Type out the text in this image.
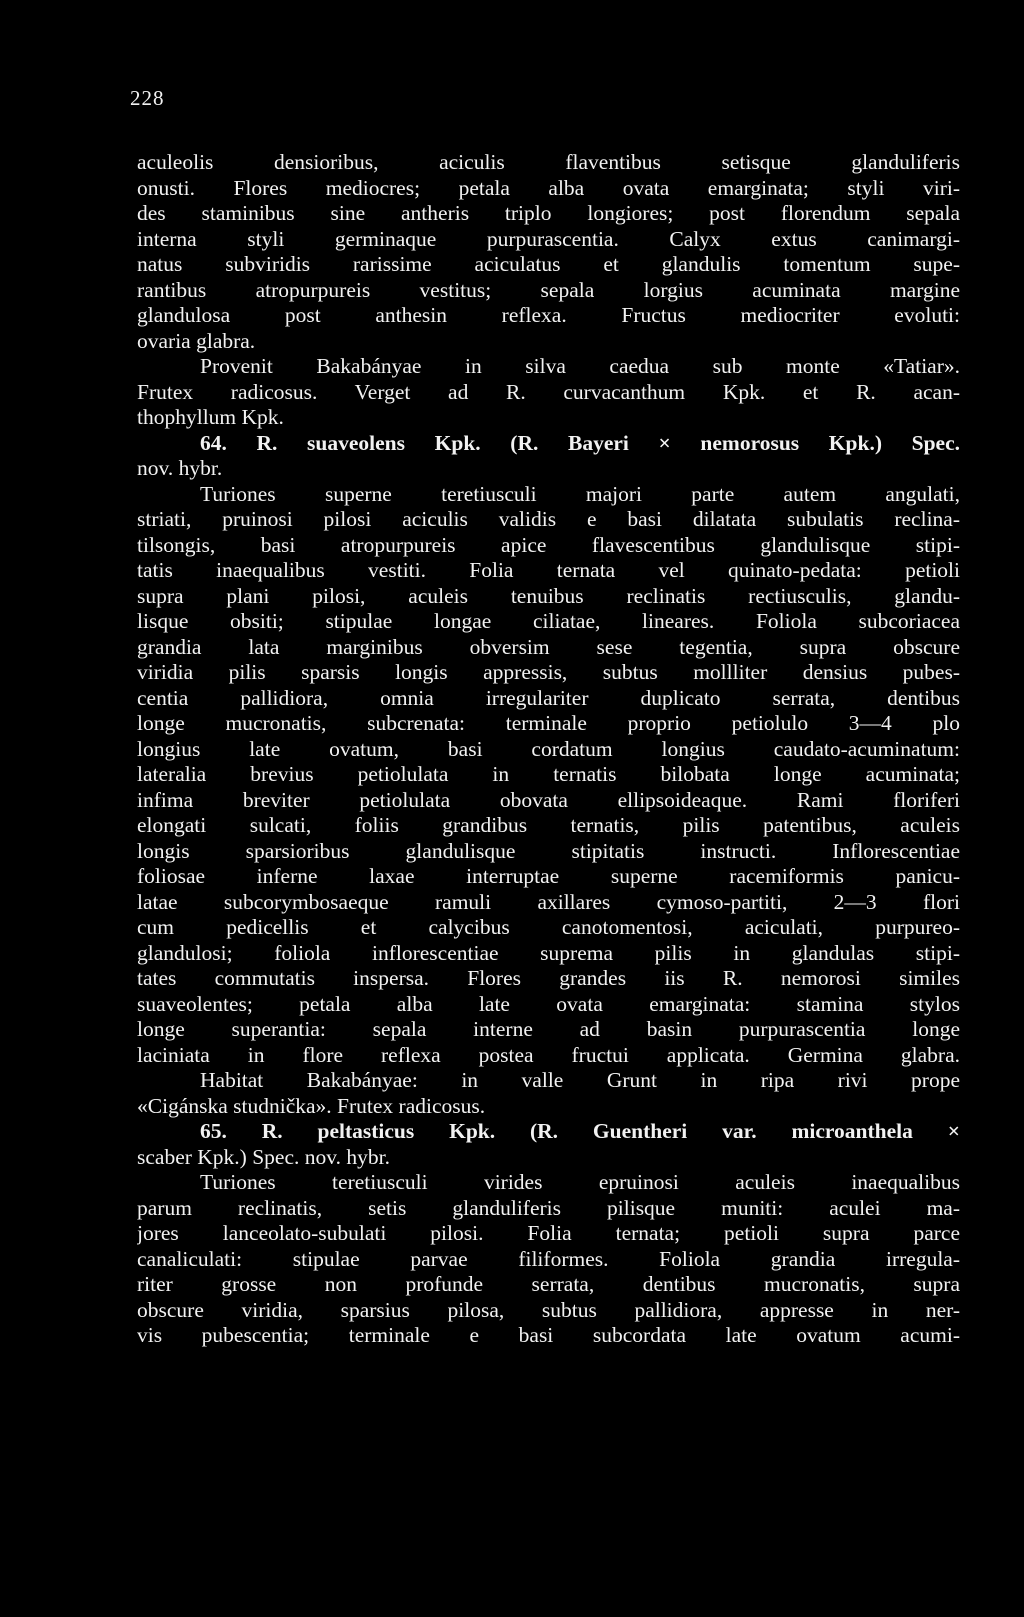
228
aculeolis densioribus, aciculis flaventibus setisque glanduliferis
onusti. Flores mediocres; petala alba ovata emarginata; styli viri-
des staminibus sine antheris triplo longiores; post florendum sepala
interna styli germinaque purpurascentia. Calyx extus canimargi-
natus subviridis rarissime aciculatus et glandulis tomentum supe-
rantibus atropurpureis vestitus; sepala lorgius acuminata margine
glandulosa post anthesin reflexa. Fructus mediocriter evoluti:
ovaria glabra.
Provenit Bakabányae in silva caedua sub monte «Tatiar».
Frutex radicosus. Verget ad R. curvacanthum Kpk. et R. acan-
thophyllum Kpk.
64. R. suaveolens Kpk. (R. Bayeri × nemorosus Kpk.) Spec.
nov. hybr.
Turiones superne teretiusculi majori parte autem angulati,
striati, pruinosi pilosi aciculis validis e basi dilatata subulatis reclina-
tilsongis, basi atropurpureis apice flavescentibus glandulisque stipi-
tatis inaequalibus vestiti. Folia ternata vel quinato-pedata: petioli
supra plani pilosi, aculeis tenuibus reclinatis rectiusculis, glandu-
lisque obsiti; stipulae longae ciliatae, lineares. Foliola subcoriacea
grandia lata marginibus obversim sese tegentia, supra obscure
viridia pilis sparsis longis appressis, subtus mollliter densius pubes-
centia pallidiora, omnia irregulariter duplicato serrata, dentibus
longe mucronatis, subcrenata: terminale proprio petiolulo 3—4 plo
longius late ovatum, basi cordatum longius caudato-acuminatum:
lateralia brevius petiolulata in ternatis bilobata longe acuminata;
infima breviter petiolulata obovata ellipsoideaque. Rami floriferi
elongati sulcati, foliis grandibus ternatis, pilis patentibus, aculeis
longis sparsioribus glandulisque stipitatis instructi. Inflorescentiae
foliosae inferne laxae interruptae superne racemiformis panicu-
latae subcorymbosaeque ramuli axillares cymoso-partiti, 2—3 flori
cum pedicellis et calycibus canotomentosi, aciculati, purpureo-
glandulosi; foliola inflorescentiae suprema pilis in glandulas stipi-
tates commutatis inspersa. Flores grandes iis R. nemorosi similes
suaveolentes; petala alba late ovata emarginata: stamina stylos
longe superantia: sepala interne ad basin purpurascentia longe
laciniata in flore reflexa postea fructui applicata. Germina glabra.
Habitat Bakabányae: in valle Grunt in ripa rivi prope
«Cigánska studnička». Frutex radicosus.
65. R. peltasticus Kpk. (R. Guentheri var. microanthela ×
scaber Kpk.) Spec. nov. hybr.
Turiones teretiusculi virides epruinosi aculeis inaequalibus
parum reclinatis, setis glanduliferis pilisque muniti: aculei ma-
jores lanceolato-subulati pilosi. Folia ternata; petioli supra parce
canaliculati: stipulae parvae filiformes. Foliola grandia irregula-
riter grosse non profunde serrata, dentibus mucronatis, supra
obscure viridia, sparsius pilosa, subtus pallidiora, appresse in ner-
vis pubescentia; terminale e basi subcordata late ovatum acumi-
